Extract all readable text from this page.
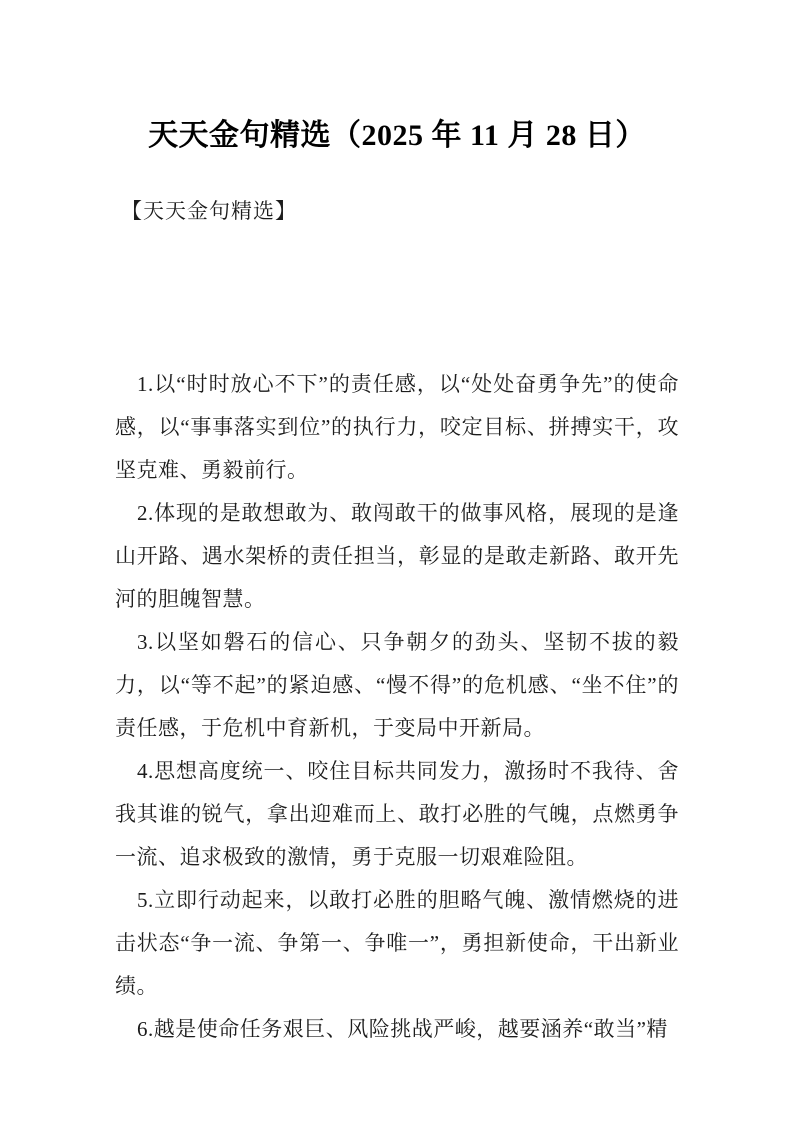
天天金句精选（2025 年 11 月 28 日）
【天天金句精选】

1.以“时时放心不下”的责任感，以“处处奋勇争先”的使命感，以“事事落实到位”的执行力，咬定目标、拼搏实干，攻坚克难、勇毅前行。

2.体现的是敢想敢为、敢闯敢干的做事风格，展现的是逢山开路、遇水架桥的责任担当，彰显的是敢走新路、敢开先河的胆魄智慧。

3.以坚如磐石的信心、只争朝夕的劲头、坚韧不拔的毅力，以“等不起”的紧迫感、“慢不得”的危机感、“坐不住”的责任感，于危机中育新机，于变局中开新局。

4.思想高度统一、咬住目标共同发力，激扬时不我待、舍我其谁的锐气，拿出迎难而上、敢打必胜的气魄，点燃勇争一流、追求极致的激情，勇于克服一切艰难险阻。

5.立即行动起来，以敢打必胜的胆略气魄、激情燃烧的进击状态“争一流、争第一、争唯一”，勇担新使命，干出新业绩。

6.越是使命任务艰巨、风险挑战严峻，越要涵养“敢当”精
